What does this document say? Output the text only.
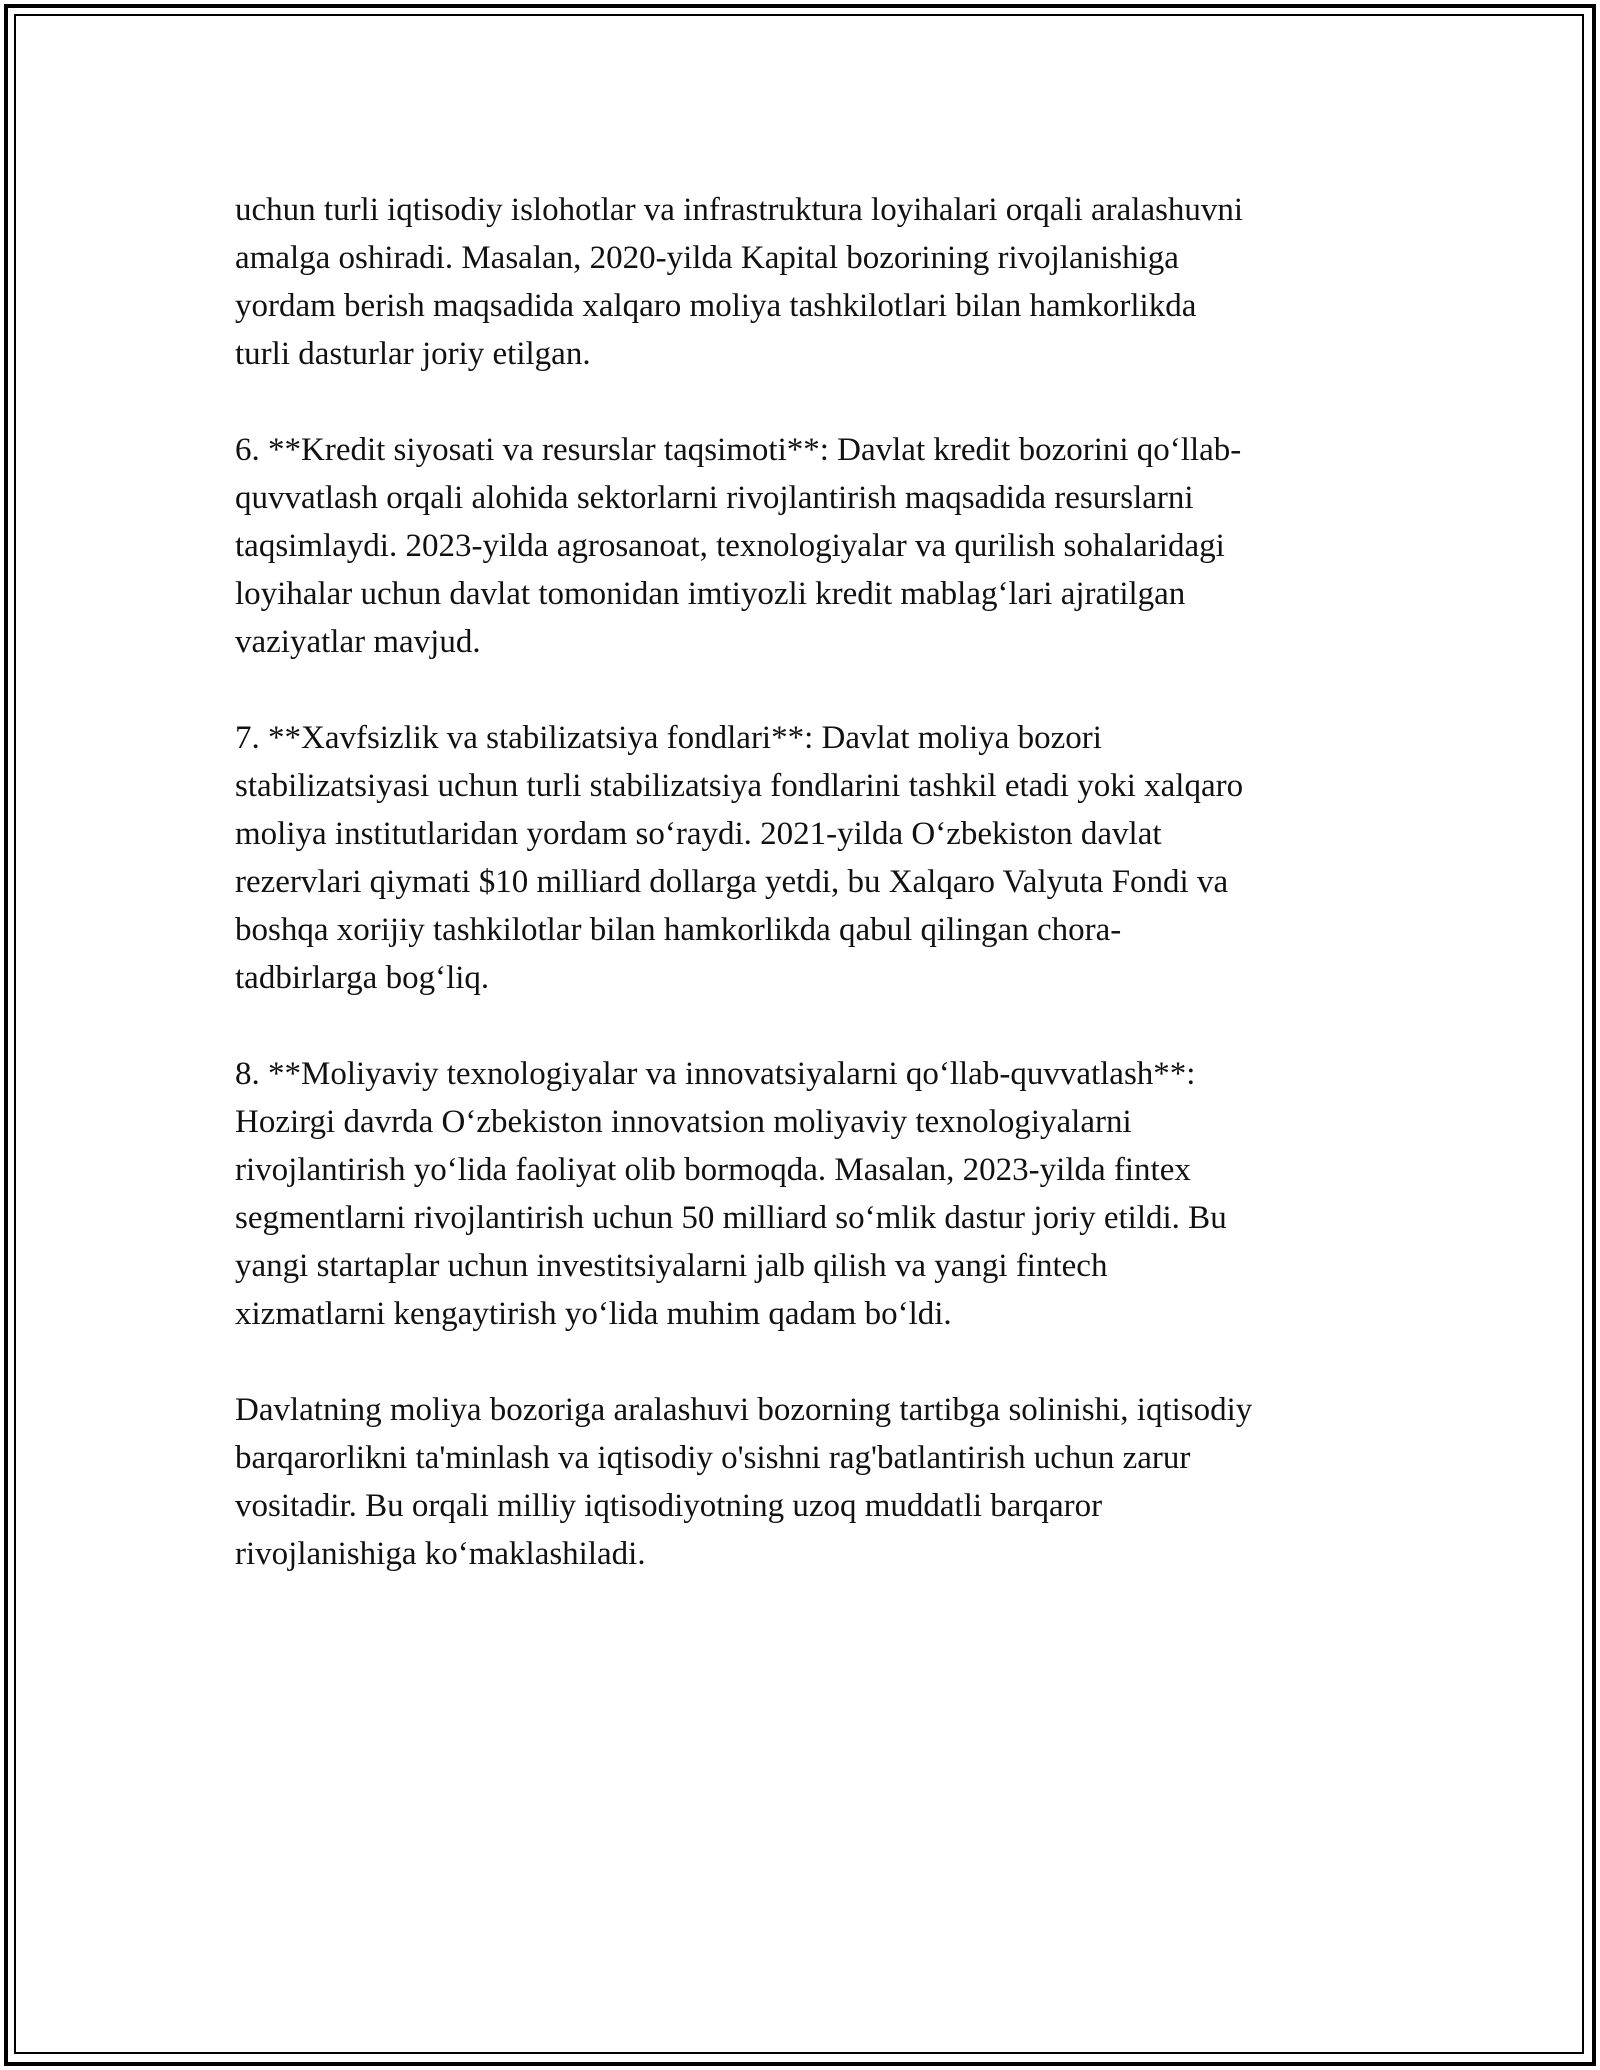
uchun turli iqtisodiy islohotlar va infrastruktura loyihalari orqali aralashuvni
amalga oshiradi. Masalan, 2020-yilda Kapital bozorining rivojlanishiga
yordam berish maqsadida xalqaro moliya tashkilotlari bilan hamkorlikda
turli dasturlar joriy etilgan.

6. **Kredit siyosati va resurslar taqsimoti**: Davlat kredit bozorini qo‘llab-
quvvatlash orqali alohida sektorlarni rivojlantirish maqsadida resurslarni
taqsimlaydi. 2023-yilda agrosanoat, texnologiyalar va qurilish sohalaridagi
loyihalar uchun davlat tomonidan imtiyozli kredit mablag‘lari ajratilgan
vaziyatlar mavjud.

7. **Xavfsizlik va stabilizatsiya fondlari**: Davlat moliya bozori
stabilizatsiyasi uchun turli stabilizatsiya fondlarini tashkil etadi yoki xalqaro
moliya institutlaridan yordam so‘raydi. 2021-yilda O‘zbekiston davlat
rezervlari qiymati $10 milliard dollarga yetdi, bu Xalqaro Valyuta Fondi va
boshqa xorijiy tashkilotlar bilan hamkorlikda qabul qilingan chora-
tadbirlarga bog‘liq.

8. **Moliyaviy texnologiyalar va innovatsiyalarni qo‘llab-quvvatlash**:
Hozirgi davrda O‘zbekiston innovatsion moliyaviy texnologiyalarni
rivojlantirish yo‘lida faoliyat olib bormoqda. Masalan, 2023-yilda fintex
segmentlarni rivojlantirish uchun 50 milliard so‘mlik dastur joriy etildi. Bu
yangi startaplar uchun investitsiyalarni jalb qilish va yangi fintech
xizmatlarni kengaytirish yo‘lida muhim qadam bo‘ldi.

Davlatning moliya bozoriga aralashuvi bozorning tartibga solinishi, iqtisodiy
barqarorlikni ta'minlash va iqtisodiy o'sishni rag'batlantirish uchun zarur
vositadir. Bu orqali milliy iqtisodiyotning uzoq muddatli barqaror
rivojlanishiga ko‘maklashiladi.
